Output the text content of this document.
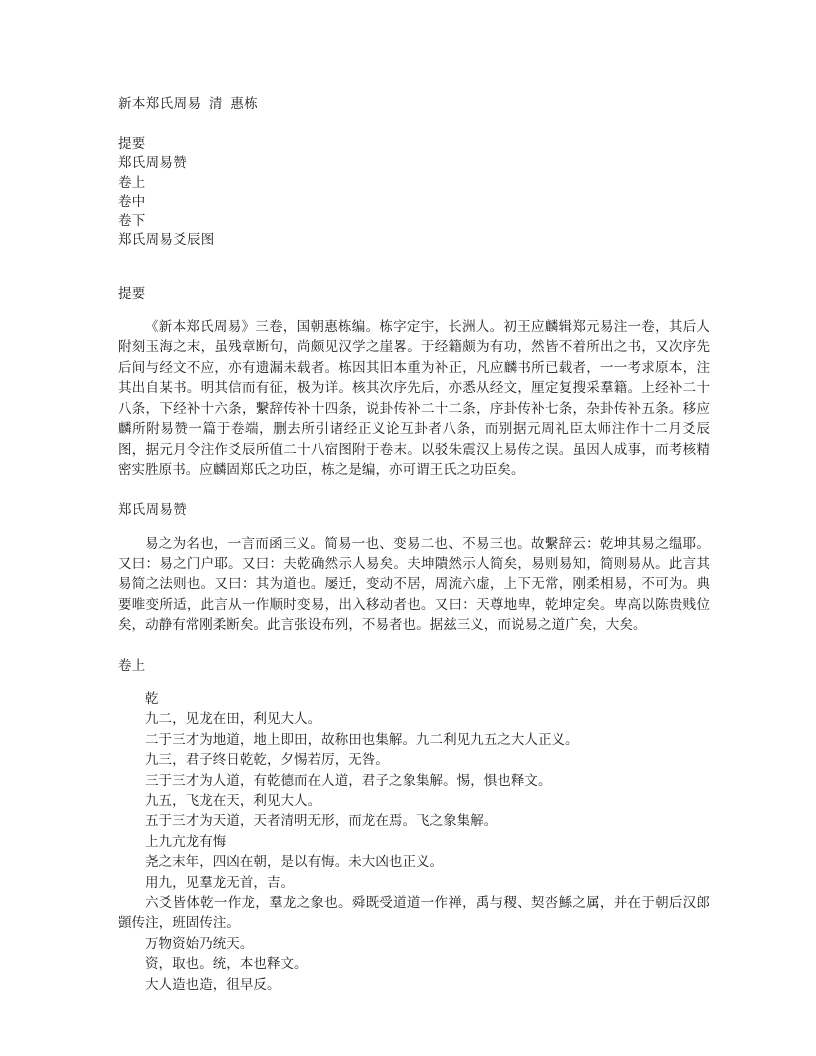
新本郑氏周易  清  惠栋
提要
郑氏周易赞
卷上
卷中
卷下
郑氏周易爻辰图
提要

《新本郑氏周易》三卷，国朝惠栋编。栋字定宇，长洲人。初王应麟辑郑元易注一卷，其后人附刻玉海之末，虽残章断句，尚颇见汉学之崖畧。于经籍颇为有功，然皆不着所出之书，又次序先后间与经文不应，亦有遗漏未载者。栋因其旧本重为补正，凡应麟书所已载者，一一考求原本，注其出自某书。明其信而有征，极为详。核其次序先后，亦悉从经文，厘定复搜采羣籍。上经补二十八条，下经补十六条，繫辞传补十四条，说卦传补二十二条，序卦传补七条，杂卦传补五条。移应麟所附易赞一篇于卷端，删去所引诸经正义论互卦者八条，而别据元周礼臣太师注作十二月爻辰图，据元月令注作爻辰所值二十八宿图附于卷末。以驳朱震汉上易传之误。虽因人成事，而考核精密实胜原书。应麟固郑氏之功臣，栋之是编，亦可谓王氏之功臣矣。

郑氏周易赞

易之为名也，一言而函三义。简易一也、变易二也、不易三也。故繫辞云：乾坤其易之缊耶。又曰：易之门户耶。又曰：夫乾确然示人易矣。夫坤隤然示人简矣，易则易知，简则易从。此言其易简之法则也。又曰：其为道也。屡迁，变动不居，周流六虚，上下无常，刚柔相易，不可为。典要唯变所适，此言从一作顺时变易，出入移动者也。又曰：天尊地卑，乾坤定矣。卑高以陈贵贱位矣，动静有常刚柔断矣。此言张设布列，不易者也。据兹三义，而说易之道广矣，大矣。

卷上

乾

九二，见龙在田，利见大人。

二于三才为地道，地上即田，故称田也集解。九二利见九五之大人正义。

九三，君子终日乾乾，夕惕若厉，无咎。

三于三才为人道，有乾德而在人道，君子之象集解。惕，惧也释文。

九五，飞龙在天，利见大人。

五于三才为天道，天者清明无形，而龙在焉。飞之象集解。

上九亢龙有悔

尧之末年，四凶在朝，是以有悔。未大凶也正义。

用九，见羣龙无首，吉。

六爻皆体乾一作龙，羣龙之象也。舜既受道道一作禅，禹与稷、契呇鯀之属，并在于朝后汉郎顗传注，班固传注。

万物资始乃统天。

资，取也。统，本也释文。

大人造也造，徂早反。
